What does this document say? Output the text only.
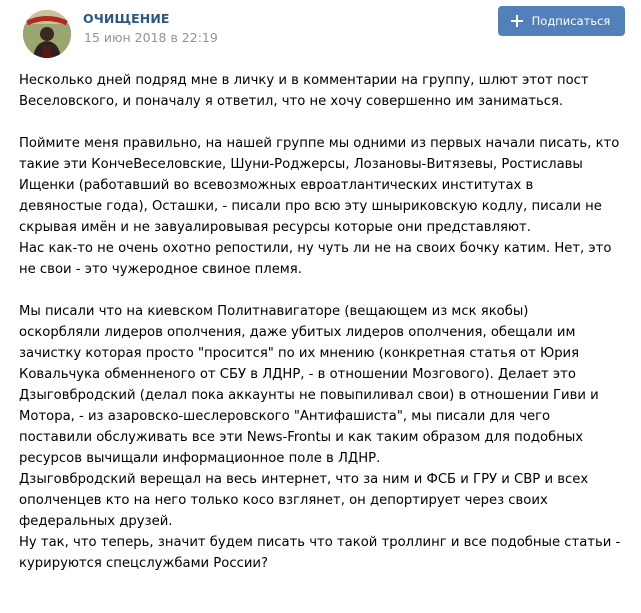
ОЧИЩЕНИЕ
15 июн 2018 в 22:19
Подписаться
Несколько дней подряд мне в личку и в комментарии на группу, шлют этот пост
Веселовского, и поначалу я ответил, что не хочу совершенно им заниматься.
Поймите меня правильно, на нашей группе мы одними из первых начали писать, кто
такие эти КончеВеселовские, Шуни-Роджерсы, Лозановы-Витязевы, Ростиславы
Ищенки (работавший во всевозможных евроатлантических институтах в
девяностые года), Осташки, - писали про всю эту шныриковскую кодлу, писали не
скрывая имён и не завуалировывая ресурсы которые они представляют.
Нас как-то не очень охотно репостили, ну чуть ли не на своих бочку катим. Нет, это
не свои - это чужеродное свиное племя.
Мы писали что на киевском Политнавигаторе (вещающем из мск якобы)
оскорбляли лидеров ополчения, даже убитых лидеров ополчения, обещали им
зачистку которая просто "просится" по их мнению (конкретная статья от Юрия
Ковальчука обменненого от СБУ в ЛДНР, - в отношении Мозгового). Делает это
Дзыговбродский (делал пока аккаунты не повыпиливал свои) в отношении Гиви и
Мотора, - из азаровско-шеслеровского "Антифашиста", мы писали для чего
поставили обслуживать все эти News-Frontы и как таким образом для подобных
ресурсов вычищали информационное поле в ЛДНР.
Дзыговбродский верещал на весь интернет, что за ним и ФСБ и ГРУ и СВР и всех
ополченцев кто на него только косо взглянет, он депортирует через своих
федеральных друзей.
Ну так, что теперь, значит будем писать что такой троллинг и все подобные статьи -
курируются спецслужбами России?
